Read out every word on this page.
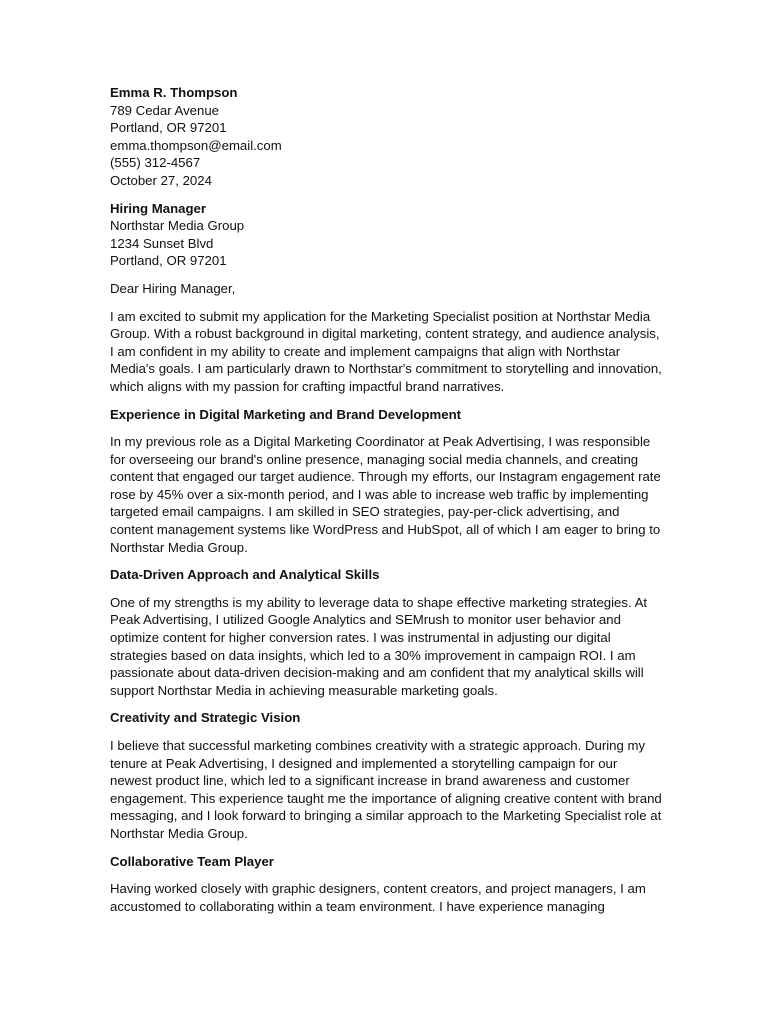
Emma R. Thompson
789 Cedar Avenue
Portland, OR 97201
emma.thompson@email.com
(555) 312-4567
October 27, 2024
Hiring Manager
Northstar Media Group
1234 Sunset Blvd
Portland, OR 97201

Dear Hiring Manager,

I am excited to submit my application for the Marketing Specialist position at Northstar Media Group. With a robust background in digital marketing, content strategy, and audience analysis, I am confident in my ability to create and implement campaigns that align with Northstar Media's goals. I am particularly drawn to Northstar's commitment to storytelling and innovation, which aligns with my passion for crafting impactful brand narratives.

Experience in Digital Marketing and Brand Development

In my previous role as a Digital Marketing Coordinator at Peak Advertising, I was responsible for overseeing our brand's online presence, managing social media channels, and creating content that engaged our target audience. Through my efforts, our Instagram engagement rate rose by 45% over a six-month period, and I was able to increase web traffic by implementing targeted email campaigns. I am skilled in SEO strategies, pay-per-click advertising, and content management systems like WordPress and HubSpot, all of which I am eager to bring to Northstar Media Group.

Data-Driven Approach and Analytical Skills

One of my strengths is my ability to leverage data to shape effective marketing strategies. At Peak Advertising, I utilized Google Analytics and SEMrush to monitor user behavior and optimize content for higher conversion rates. I was instrumental in adjusting our digital strategies based on data insights, which led to a 30% improvement in campaign ROI. I am passionate about data-driven decision-making and am confident that my analytical skills will support Northstar Media in achieving measurable marketing goals.

Creativity and Strategic Vision

I believe that successful marketing combines creativity with a strategic approach. During my tenure at Peak Advertising, I designed and implemented a storytelling campaign for our newest product line, which led to a significant increase in brand awareness and customer engagement. This experience taught me the importance of aligning creative content with brand messaging, and I look forward to bringing a similar approach to the Marketing Specialist role at Northstar Media Group.

Collaborative Team Player

Having worked closely with graphic designers, content creators, and project managers, I am accustomed to collaborating within a team environment. I have experience managing
